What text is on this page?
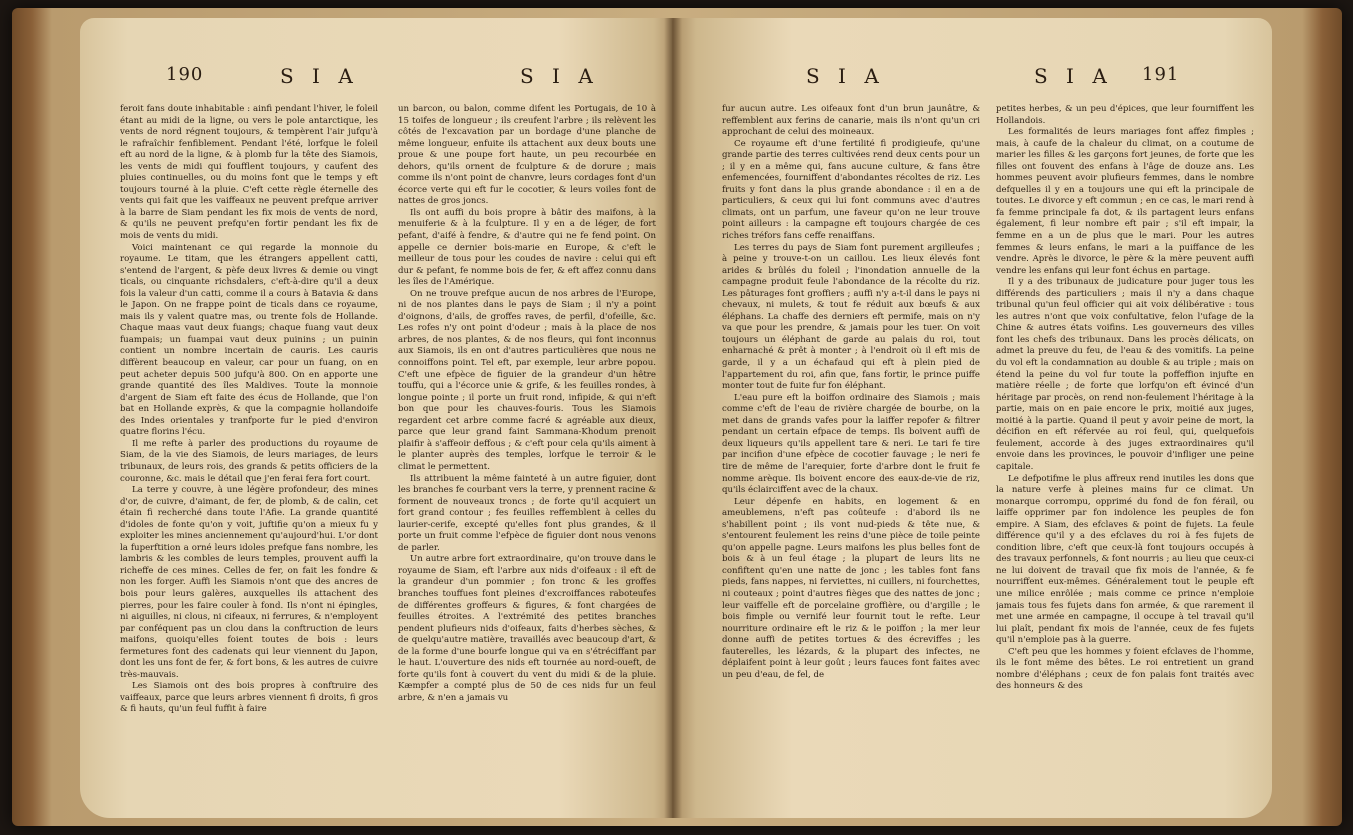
190	S I A	S I A

feroit fans doute inhabitable : ainfi pendant l'hiver, le foleil étant au midi de la ligne, ou vers le pole antarctique, les vents de nord régnent toujours, & tempèrent l'air jufqu'à le rafraîchir fenfiblement. Pendant l'été, lorfque le foleil eft au nord de la ligne, & à plomb fur la tête des Siamois, les vents de midi qui foufflent toujours, y caufent des pluies continuelles, ou du moins font que le temps y eft toujours tourné à la pluie. C'eft cette règle éternelle des vents qui fait que les vaiffeaux ne peuvent prefque arriver à la barre de Siam pendant les fix mois de vents de nord, & qu'ils ne peuvent prefqu'en fortir pendant les fix de mois de vents du midi.

Voici maintenant ce qui regarde la monnoie du royaume. Le titam, que les étrangers appellent catti, s'entend de l'argent, & pèfe deux livres & demie ou vingt ticals, ou cinquante richsdalers, c'eft-à-dire qu'il a deux fois la valeur d'un catti, comme il a cours à Batavia & dans le Japon. On ne frappe point de ticals dans ce royaume, mais ils y valent quatre mas, ou trente fols de Hollande. Chaque maas vaut deux fuangs; chaque fuang vaut deux fuampais; un fuampai vaut deux puinins ; un puinin contient un nombre incertain de cauris. Les cauris diffèrent beaucoup en valeur, car pour un fuang, on en peut acheter depuis 500 jufqu'à 800. On en apporte une grande quantité des îles Maldives. Toute la monnoie d'argent de Siam eft faite des écus de Hollande, que l'on bat en Hollande exprès, & que la compagnie hollandoife des Indes orientales y tranfporte fur le pied d'environ quatre florins l'écu.

Il me refte à parler des productions du royaume de Siam, de la vie des Siamois, de leurs mariages, de leurs tribunaux, de leurs rois, des grands & petits officiers de la couronne, &c. mais le détail que j'en ferai fera fort court.

La terre y couvre, à une légère profondeur, des mines d'or, de cuivre, d'aimant, de fer, de plomb, & de calin, cet étain fi recherché dans toute l'Afie. La grande quantité d'idoles de fonte qu'on y voit, juftifie qu'on a mieux fu y exploiter les mines anciennement qu'aujourd'hui. L'or dont la fuperftition a orné leurs idoles prefque fans nombre, les lambris & les combles de leurs temples, prouvent auffi la richeffe de ces mines. Celles de fer, on fait les fondre & non les forger. Auffi les Siamois n'ont que des ancres de bois pour leurs galères, auxquelles ils attachent des pierres, pour les faire couler à fond. Ils n'ont ni épingles, ni aiguilles, ni clous, ni cifeaux, ni ferrures, & n'employent par conféquent pas un clou dans la conftruction de leurs maifons, quoiqu'elles foient toutes de bois : leurs fermetures font des cadenats qui leur viennent du Japon, dont les uns font de fer, & fort bons, & les autres de cuivre très-mauvais.

Les Siamois ont des bois propres à conftruire des vaiffeaux, parce que leurs arbres viennent fi droits, fi gros & fi hauts, qu'un feul fuffit à faire

un barcon, ou balon, comme difent les Portugais, de 10 à 15 toifes de longueur ; ils creufent l'arbre ; ils relèvent les côtés de l'excavation par un bordage d'une planche de même longueur, enfuite ils attachent aux deux bouts une proue & une poupe fort haute, un peu recourbée en dehors, qu'ils ornent de fculpture & de dorure ; mais comme ils n'ont point de chanvre, leurs cordages font d'un écorce verte qui eft fur le cocotier, & leurs voiles font de nattes de gros joncs.

Ils ont auffi du bois propre à bâtir des maifons, à la menuiferie & à la fculpture. Il y en a de léger, de fort pefant, d'aifé à fendre, & d'autre qui ne fe fend point. On appelle ce dernier bois-marie en Europe, & c'eft le meilleur de tous pour les coudes de navire : celui qui eft dur & pefant, fe nomme bois de fer, & eft affez connu dans les îles de l'Amérique.

On ne trouve prefque aucun de nos arbres de l'Europe, ni de nos plantes dans le pays de Siam ; il n'y a point d'oignons, d'ails, de groffes raves, de perfil, d'ofeille, &c. Les rofes n'y ont point d'odeur ; mais à la place de nos arbres, de nos plantes, & de nos fleurs, qui font inconnus aux Siamois, ils en ont d'autres particulières que nous ne connoiffons point. Tel eft, par exemple, leur arbre popou. C'eft une efpèce de figuier de la grandeur d'un hêtre touffu, qui a l'écorce unie & grife, & les feuilles rondes, à longue pointe ; il porte un fruit rond, infipide, & qui n'eft bon que pour les chauves-fouris. Tous les Siamois regardent cet arbre comme facré & agréable aux dieux, parce que leur grand faint Sammana-Khodum prenoit plaifir à s'affeoir deffous ; & c'eft pour cela qu'ils aiment à le planter auprès des temples, lorfque le terroir & le climat le permettent.

Ils attribuent la même fainteté à un autre figuier, dont les branches fe courbant vers la terre, y prennent racine & forment de nouveaux troncs ; de forte qu'il acquiert un fort grand contour ; fes feuilles reffemblent à celles du laurier-cerife, excepté qu'elles font plus grandes, & il porte un fruit comme l'efpèce de figuier dont nous venons de parler.

Un autre arbre fort extraordinaire, qu'on trouve dans le royaume de Siam, eft l'arbre aux nids d'oifeaux : il eft de la grandeur d'un pommier ; fon tronc & les groffes branches touffues font pleines d'excroiffances raboteufes de différentes groffeurs & figures, & font chargées de feuilles étroites. A l'extrémité des petites branches pendent plufieurs nids d'oifeaux, faits d'herbes sèches, & de quelqu'autre matière, travaillés avec beaucoup d'art, & de la forme d'une bourfe longue qui va en s'étréciffant par le haut. L'ouverture des nids eft tournée au nord-oueft, de forte qu'ils font à couvert du vent du midi & de la pluie. Kæmpfer a compté plus de 50 de ces nids fur un feul arbre, & n'en a jamais vu

S I A	S I A 191

fur aucun autre. Les oifeaux font d'un brun jaunâtre, & reffemblent aux ferins de canarie, mais ils n'ont qu'un cri approchant de celui des moineaux.

Ce royaume eft d'une fertilité fi prodigieufe, qu'une grande partie des terres cultivées rend deux cents pour un ; il y en a même qui, fans aucune culture, & fans être enfemencées, fourniffent d'abondantes récoltes de riz. Les fruits y font dans la plus grande abondance : il en a de particuliers, & ceux qui lui font communs avec d'autres climats, ont un parfum, une faveur qu'on ne leur trouve point ailleurs : la campagne eft toujours chargée de ces riches tréfors fans ceffe renaiffans.

Les terres du pays de Siam font purement argilleufes ; à peine y trouve-t-on un caillou. Les lieux élevés font arides & brûlés du foleil ; l'inondation annuelle de la campagne produit feule l'abondance de la récolte du riz. Les pâturages font groffiers ; auffi n'y a-t-il dans le pays ni chevaux, ni mulets, & tout fe réduit aux bœufs & aux éléphans. La chaffe des derniers eft permife, mais on n'y va que pour les prendre, & jamais pour les tuer. On voit toujours un éléphant de garde au palais du roi, tout enharnaché & prêt à monter ; à l'endroit où il eft mis de garde, il y a un échafaud qui eft à plein pied de l'appartement du roi, afin que, fans fortir, le prince puiffe monter tout de fuite fur fon éléphant.

L'eau pure eft la boiffon ordinaire des Siamois ; mais comme c'eft de l'eau de rivière chargée de bourbe, on la met dans de grands vafes pour la laiffer repofer & filtrer pendant un certain efpace de temps. Ils boivent auffi de deux liqueurs qu'ils appellent tare & neri. Le tari fe tire par incifion d'une efpèce de cocotier fauvage ; le neri fe tire de même de l'arequier, forte d'arbre dont le fruit fe nomme arèque. Ils boivent encore des eaux-de-vie de riz, qu'ils éclairciffent avec de la chaux.

Leur dépenfe en habits, en logement & en ameublemens, n'eft pas coûteufe : d'abord ils ne s'habillent point ; ils vont nud-pieds & tête nue, & s'entourent feulement les reins d'une pièce de toile peinte qu'on appelle pagne. Leurs maifons les plus belles font de bois & à un feul étage ; la plupart de leurs lits ne confiftent qu'en une natte de jonc ; les tables font fans pieds, fans nappes, ni ferviettes, ni cuillers, ni fourchettes, ni couteaux ; point d'autres fièges que des nattes de jonc ; leur vaiffelle eft de porcelaine groffière, ou d'argille ; le bois fimple ou vernifé leur fournit tout le refte. Leur nourriture ordinaire eft le riz & le poiffon ; la mer leur donne auffi de petites tortues & des écreviffes ; les fauterelles, les lézards, & la plupart des infectes, ne déplaifent point à leur goût ; leurs fauces font faites avec un peu d'eau, de fel, de

petites herbes, & un peu d'épices, que leur fourniffent les Hollandois.

Les formalités de leurs mariages font affez fimples ; mais, à caufe de la chaleur du climat, on a coutume de marier les filles & les garçons fort jeunes, de forte que les filles ont fouvent des enfans à l'âge de douze ans. Les hommes peuvent avoir plufieurs femmes, dans le nombre defquelles il y en a toujours une qui eft la principale de toutes. Le divorce y eft commun ; en ce cas, le mari rend à fa femme principale fa dot, & ils partagent leurs enfans également, fi leur nombre eft pair ; s'il eft impair, la femme en a un de plus que le mari. Pour les autres femmes & leurs enfans, le mari a la puiffance de les vendre. Après le divorce, le père & la mère peuvent auffi vendre les enfans qui leur font échus en partage.

Il y a des tribunaux de judicature pour juger tous les différends des particuliers ; mais il n'y a dans chaque tribunal qu'un feul officier qui ait voix délibérative : tous les autres n'ont que voix confultative, felon l'ufage de la Chine & autres états voifins. Les gouverneurs des villes font les chefs des tribunaux. Dans les procès délicats, on admet la preuve du feu, de l'eau & des vomitifs. La peine du vol eft la condamnation au double & au triple ; mais on étend la peine du vol fur toute la poffeffion injufte en matière réelle ; de forte que lorfqu'on eft évincé d'un héritage par procès, on rend non-feulement l'héritage à la partie, mais on en paie encore le prix, moitié aux juges, moitié à la partie. Quand il peut y avoir peine de mort, la décifion en eft réfervée au roi feul, qui, quelquefois feulement, accorde à des juges extraordinaires qu'il envoie dans les provinces, le pouvoir d'infliger une peine capitale.

Le defpotifme le plus affreux rend inutiles les dons que la nature verfe à pleines mains fur ce climat. Un monarque corrompu, opprimé du fond de fon férail, ou laiffe opprimer par fon indolence les peuples de fon empire. A Siam, des efclaves & point de fujets. La feule différence qu'il y a des efclaves du roi à fes fujets de condition libre, c'eft que ceux-là font toujours occupés à des travaux perfonnels, & font nourris ; au lieu que ceux-ci ne lui doivent de travail que fix mois de l'année, & fe nourriffent eux-mêmes. Généralement tout le peuple eft une milice enrôlée ; mais comme ce prince n'emploie jamais tous fes fujets dans fon armée, & que rarement il met une armée en campagne, il occupe à tel travail qu'il lui plaît, pendant fix mois de l'année, ceux de fes fujets qu'il n'emploie pas à la guerre.

C'eft peu que les hommes y foient efclaves de l'homme, ils le font même des bêtes. Le roi entretient un grand nombre d'éléphans ; ceux de fon palais font traités avec des honneurs & des
